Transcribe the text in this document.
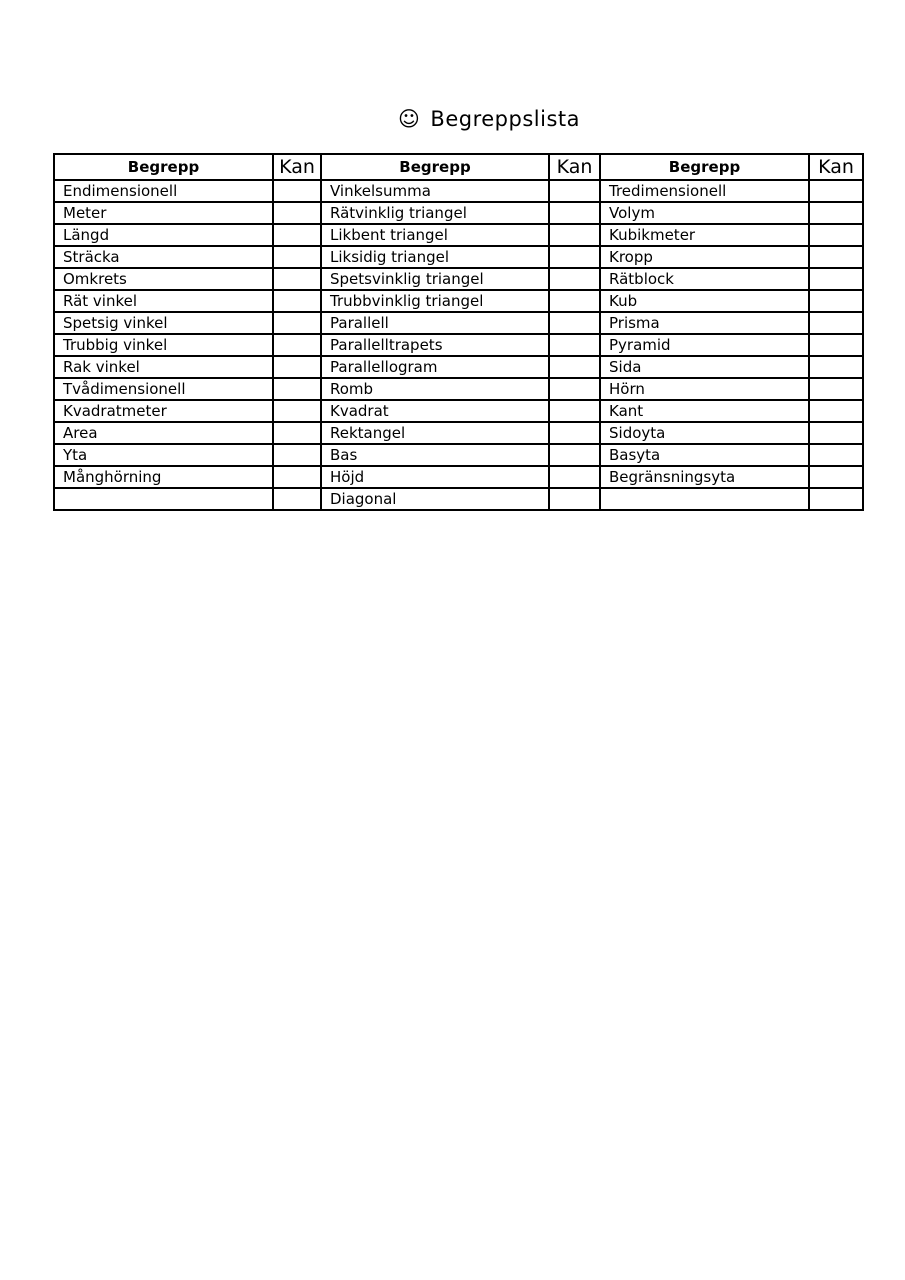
☺ Begreppslista
Begrepp	Kan	Begrepp	Kan	Begrepp	Kan
Endimensionell		Vinkelsumma		Tredimensionell	
Meter		Rätvinklig triangel		Volym	
Längd		Likbent triangel		Kubikmeter	
Sträcka		Liksidig triangel		Kropp	
Omkrets		Spetsvinklig triangel		Rätblock	
Rät vinkel		Trubbvinklig triangel		Kub	
Spetsig vinkel		Parallell		Prisma	
Trubbig vinkel		Parallelltrapets		Pyramid	
Rak vinkel		Parallellogram		Sida	
Tvådimensionell		Romb		Hörn	
Kvadratmeter		Kvadrat		Kant	
Area		Rektangel		Sidoyta	
Yta		Bas		Basyta	
Månghörning		Höjd		Begränsningsyta	
		Diagonal			
